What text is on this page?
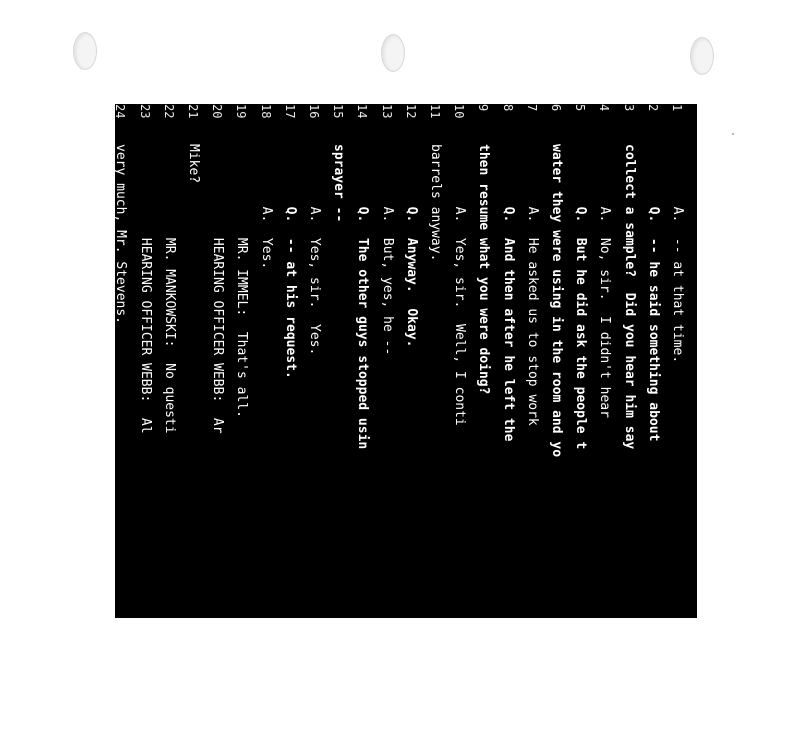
1
A.  -- at that time.
2
Q.  -- he said something about
3
collect a sample?  Did you hear him say
4
A.  No, sir.  I didn't hear
5
Q.  But he did ask the people t
6
water they were using in the room and yo
7
A.  He asked us to stop work
8
Q.  And then after he left the
9
then resume what you were doing?
10
A.  Yes, sir.  Well, I conti
11
barrels anyway.
12
Q.  Anyway.  Okay.
13
A.  But, yes, he --
14
Q.  The other guys stopped usin
15
sprayer --
16
A.  Yes, sir.  Yes.
17
Q.  -- at his request.
18
A.  Yes.
19
MR. IMMEL:  That's all.
20
HEARING OFFICER WEBB:  Ar
21
Mike?
22
MR. MANKOWSKI:  No questi
23
HEARING OFFICER WEBB:  Al
24
very much, Mr. Stevens.
